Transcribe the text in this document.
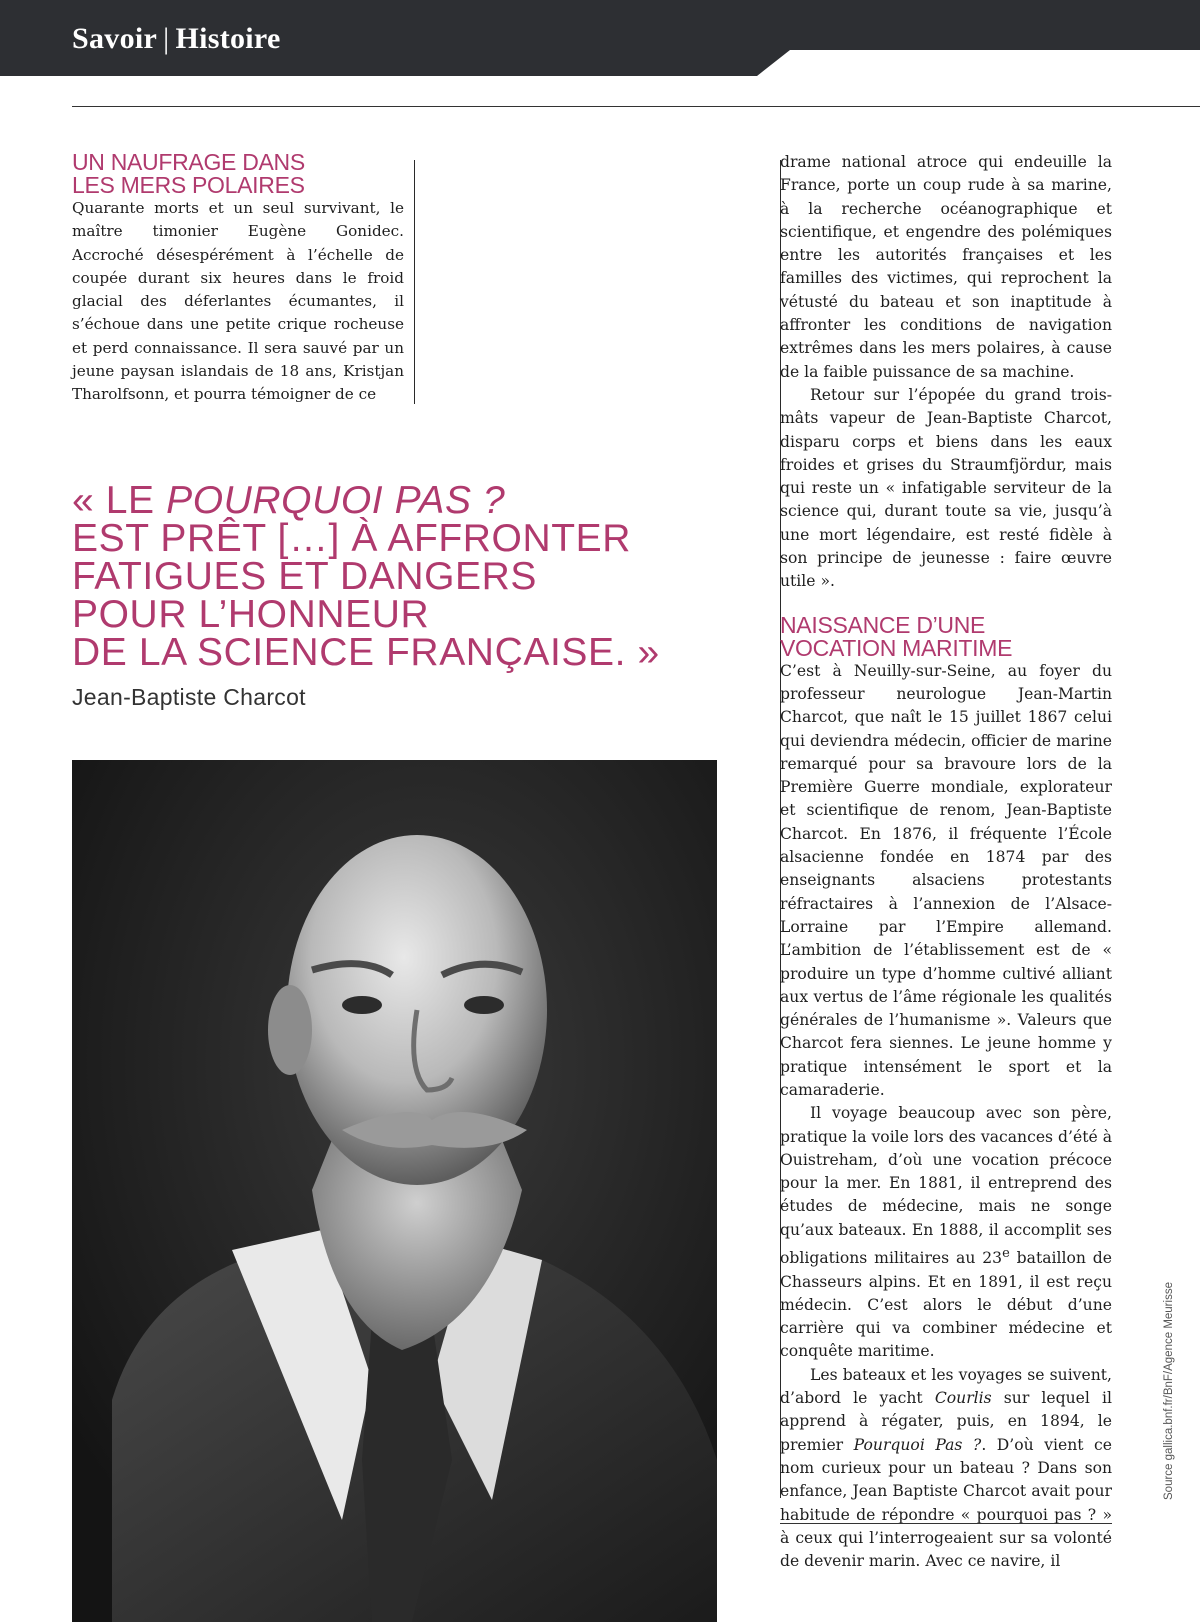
Savoir | Histoire
UN NAUFRAGE DANS
LES MERS POLAIRES

Quarante morts et un seul survivant, le maître timonier Eugène Gonidec. Accroché désespérément à l’échelle de coupée durant six heures dans le froid glacial des déferlantes écumantes, il s’échoue dans une petite crique rocheuse et perd connaissance. Il sera sauvé par un jeune paysan islandais de 18 ans, Kristjan Tharolfsonn, et pourra témoigner de ce

« LE POURQUOI PAS ?
EST PRÊT […] À AFFRONTER
FATIGUES ET DANGERS
POUR L’HONNEUR
DE LA SCIENCE FRANÇAISE. »
Jean-Baptiste Charcot

drame national atroce qui endeuille la France, porte un coup rude à sa marine, à la recherche océanographique et scientifique, et engendre des polémiques entre les autorités françaises et les familles des victimes, qui reprochent la vétusté du bateau et son inaptitude à affronter les conditions de navigation extrêmes dans les mers polaires, à cause de la faible puissance de sa machine.

Retour sur l’épopée du grand trois-mâts vapeur de Jean-Baptiste Charcot, disparu corps et biens dans les eaux froides et grises du Straumfjördur, mais qui reste un « infatigable serviteur de la science qui, durant toute sa vie, jusqu’à une mort légendaire, est resté fidèle à son principe de jeunesse : faire œuvre utile ».

NAISSANCE D’UNE
VOCATION MARITIME

C’est à Neuilly-sur-Seine, au foyer du professeur neurologue Jean-Martin Charcot, que naît le 15 juillet 1867 celui qui deviendra médecin, officier de marine remarqué pour sa bravoure lors de la Première Guerre mondiale, explorateur et scientifique de renom, Jean-Baptiste Charcot. En 1876, il fréquente l’École alsacienne fondée en 1874 par des enseignants alsaciens protestants réfractaires à l’annexion de l’Alsace-Lorraine par l’Empire allemand. L’ambition de l’établissement est de « produire un type d’homme cultivé alliant aux vertus de l’âme régionale les qualités générales de l’humanisme ». Valeurs que Charcot fera siennes. Le jeune homme y pratique intensément le sport et la camaraderie.

Il voyage beaucoup avec son père, pratique la voile lors des vacances d’été à Ouistreham, d’où une vocation précoce pour la mer. En 1881, il entreprend des études de médecine, mais ne songe qu’aux bateaux. En 1888, il accomplit ses obligations militaires au 23e bataillon de Chasseurs alpins. Et en 1891, il est reçu médecin. C’est alors le début d’une carrière qui va combiner médecine et conquête maritime.

Les bateaux et les voyages se suivent, d’abord le yacht Courlis sur lequel il apprend à régater, puis, en 1894, le premier Pourquoi Pas ?. D’où vient ce nom curieux pour un bateau ? Dans son enfance, Jean Baptiste Charcot avait pour habitude de répondre « pourquoi pas ? » à ceux qui l’interrogeaient sur sa volonté de devenir marin. Avec ce navire, il

Source gallica.bnf.fr/BnF/Agence Meurisse
